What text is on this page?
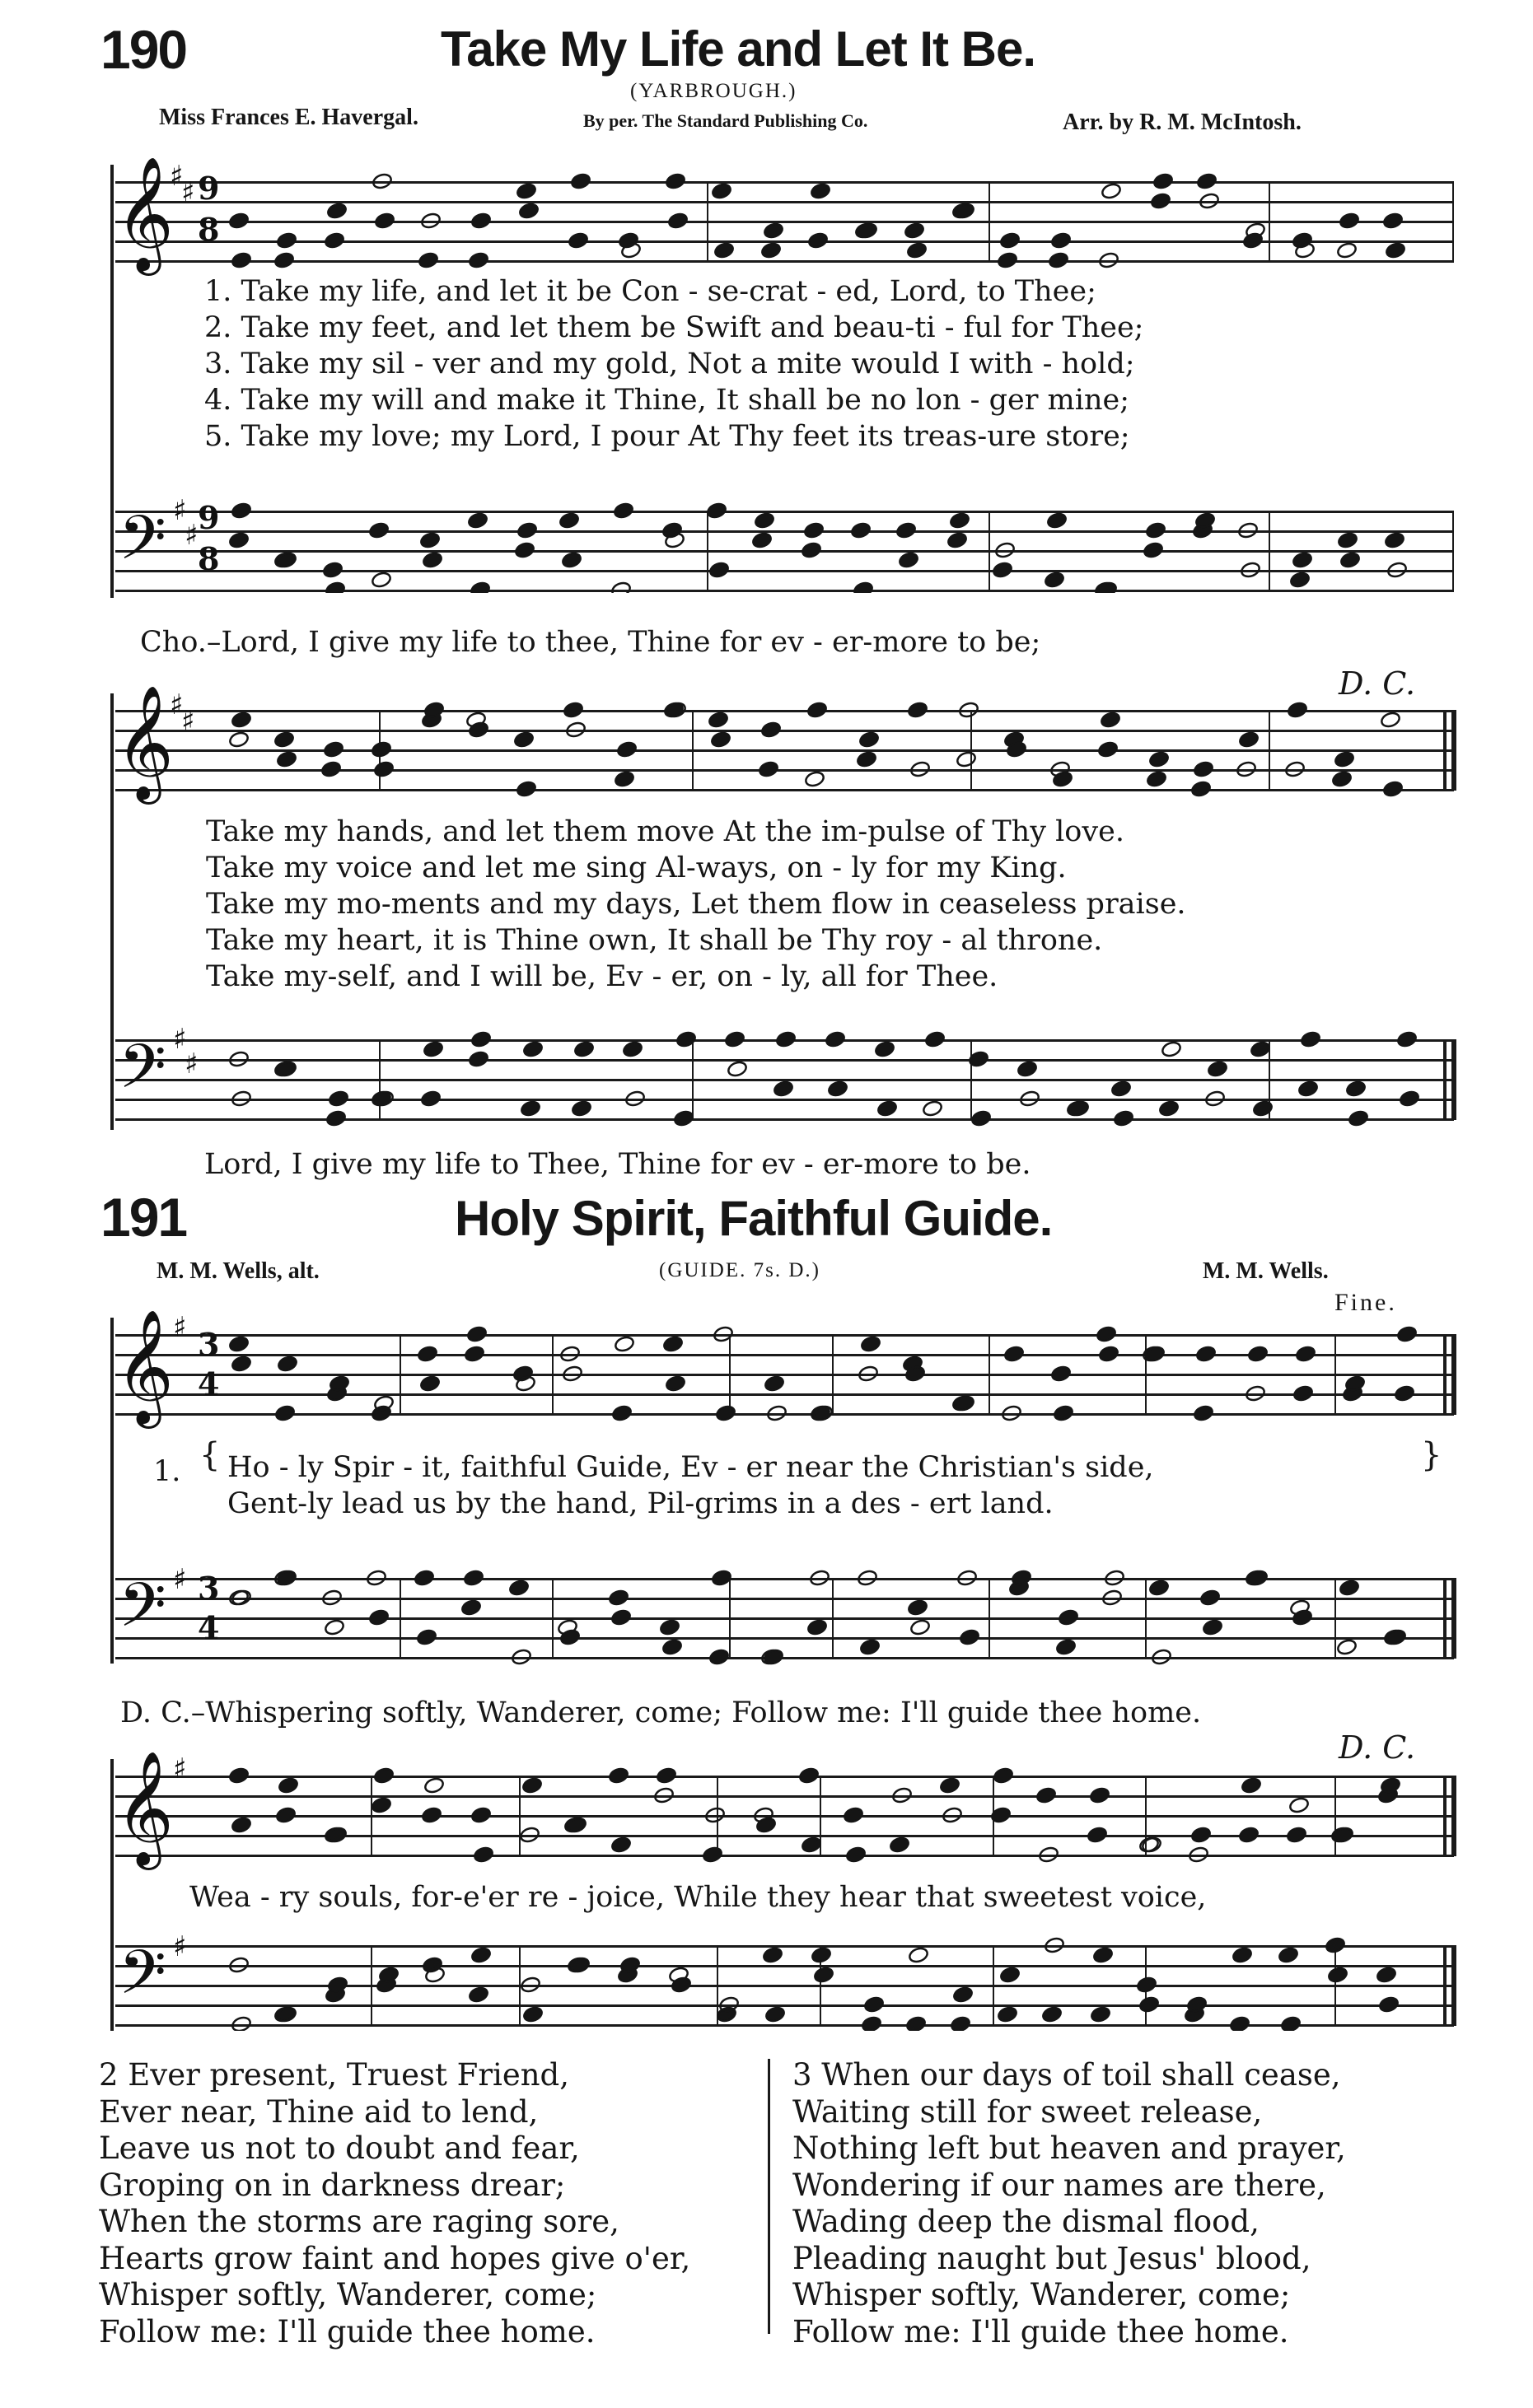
190	Take My Life and Let It Be.
(YARBROUGH.)
Miss Frances E. Havergal.	By per. The Standard Publishing Co.	Arr. by R. M. McIntosh.
𝄞
𝄢
9
8
9
8
♯
♯
♯
♯
1. Take my life, and let it be Con - se-crat - ed, Lord, to Thee;
2. Take my feet, and let them be Swift and beau-ti - ful for Thee;
3. Take my sil - ver and my gold, Not a mite would I with - hold;
4. Take my will and make it Thine, It shall be no lon - ger mine;
5. Take my love; my Lord, I pour At Thy feet its treas-ure store;
Cho.–Lord, I give my life to thee, Thine for ev - er-more to be;
D. C.
𝄞
𝄢
♯
♯
♯
♯
Take my hands, and let them move At the im-pulse of Thy love.
Take my voice and let me sing Al-ways, on - ly for my King.
Take my mo-ments and my days, Let them flow in ceaseless praise.
Take my heart, it is Thine own, It shall be Thy roy - al throne.
Take my-self, and I will be, Ev - er, on - ly, all for Thee.
Lord, I give my life to Thee, Thine for ev - er-more to be.
191	Holy Spirit, Faithful Guide.
M. M. Wells, alt.	(GUIDE. 7s. D.)	M. M. Wells.
Fine.
𝄞
𝄢
♯
♯
3
4
3
4
1. { Ho - ly Spir - it, faithful Guide, Ev - er near the Christian's side,
Gent-ly lead us by the hand, Pil-grims in a des - ert land.
}
D. C.–Whispering softly, Wanderer, come; Follow me: I'll guide thee home.
D. C.
𝄞
𝄢
♯
♯
Wea - ry souls, for-e'er re - joice, While they hear that sweetest voice,
2 Ever present, Truest Friend,
Ever near, Thine aid to lend,
Leave us not to doubt and fear,
Groping on in darkness drear;
When the storms are raging sore,
Hearts grow faint and hopes give o'er,
Whisper softly, Wanderer, come;
Follow me: I'll guide thee home.
3 When our days of toil shall cease,
Waiting still for sweet release,
Nothing left but heaven and prayer,
Wondering if our names are there,
Wading deep the dismal flood,
Pleading naught but Jesus' blood,
Whisper softly, Wanderer, come;
Follow me: I'll guide thee home.
